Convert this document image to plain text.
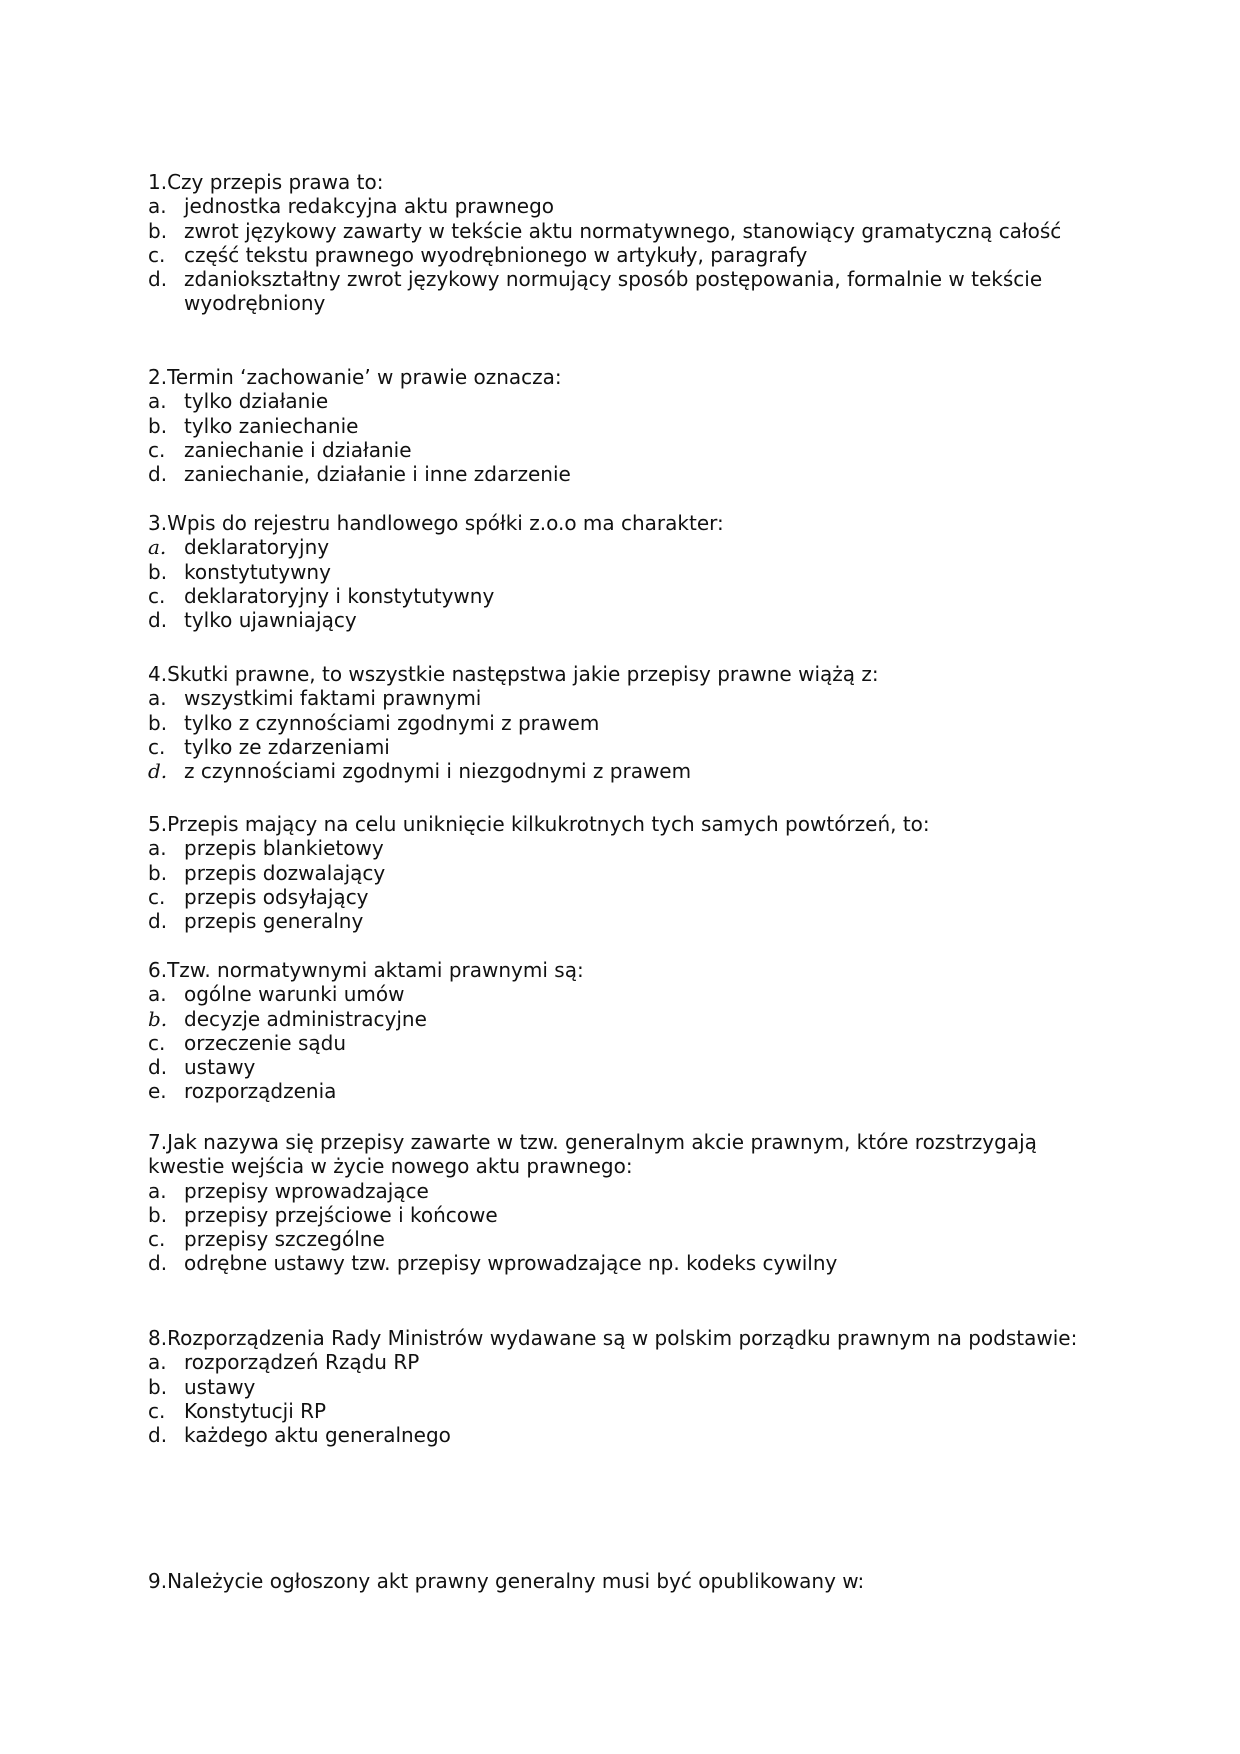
1.Czy przepis prawa to:

a. jednostka redakcyjna aktu prawnego
b. zwrot językowy zawarty w tekście aktu normatywnego, stanowiący gramatyczną całość
c. część tekstu prawnego wyodrębnionego w artykuły, paragrafy
d. zdaniokształtny zwrot językowy normujący sposób postępowania, formalnie w tekście wyodrębniony

2.Termin ‘zachowanie’ w prawie oznacza:

a. tylko działanie
b. tylko zaniechanie
c. zaniechanie i działanie
d. zaniechanie, działanie i inne zdarzenie

3.Wpis do rejestru handlowego spółki z.o.o ma charakter:

a. deklaratoryjny
b. konstytutywny
c. deklaratoryjny i konstytutywny
d. tylko ujawniający

4.Skutki prawne, to wszystkie następstwa jakie przepisy prawne wiążą z:

a. wszystkimi faktami prawnymi
b. tylko z czynnościami zgodnymi z prawem
c. tylko ze zdarzeniami
d. z czynnościami zgodnymi i niezgodnymi z prawem

5.Przepis mający na celu uniknięcie kilkukrotnych tych samych powtórzeń, to:

a. przepis blankietowy
b. przepis dozwalający
c. przepis odsyłający
d. przepis generalny

6.Tzw. normatywnymi aktami prawnymi są:

a. ogólne warunki umów
b. decyzje administracyjne
c. orzeczenie sądu
d. ustawy
e. rozporządzenia

7.Jak nazywa się przepisy zawarte w tzw. generalnym akcie prawnym, które rozstrzygają kwestie wejścia w życie nowego aktu prawnego:

a. przepisy wprowadzające
b. przepisy przejściowe i końcowe
c. przepisy szczególne
d. odrębne ustawy tzw. przepisy wprowadzające np. kodeks cywilny

8.Rozporządzenia Rady Ministrów wydawane są w polskim porządku prawnym na podstawie:

a. rozporządzeń Rządu RP
b. ustawy
c. Konstytucji RP
d. każdego aktu generalnego

9.Należycie ogłoszony akt prawny generalny musi być opublikowany w:
